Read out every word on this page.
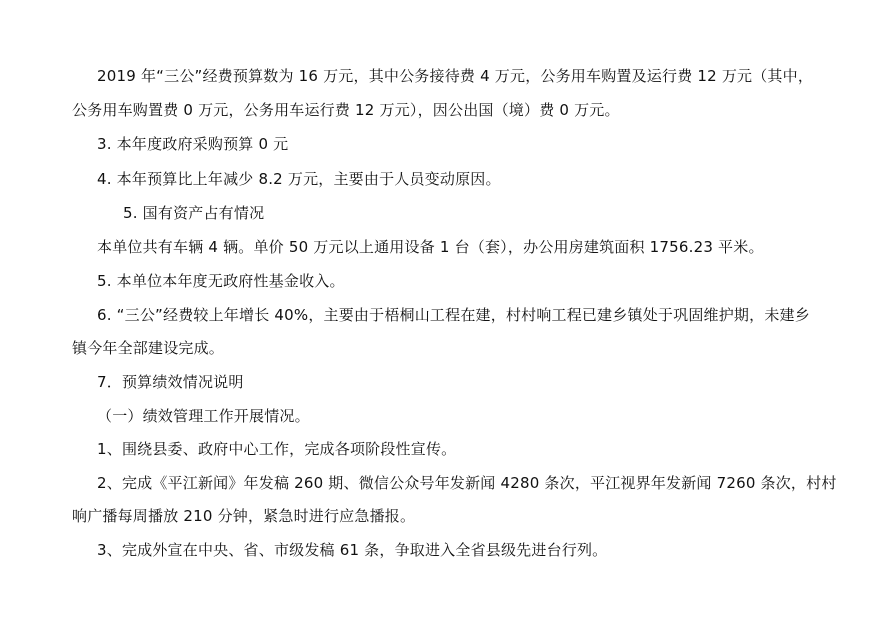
2019 年“三公”经费预算数为 16 万元，其中公务接待费 4 万元，公务用车购置及运行费 12 万元（其中，
公务用车购置费 0 万元，公务用车运行费 12 万元），因公出国（境）费 0 万元。
3. 本年度政府采购预算 0 元
4. 本年预算比上年减少 8.2 万元，主要由于人员变动原因。
5. 国有资产占有情况
本单位共有车辆 4 辆。单价 50 万元以上通用设备 1 台（套），办公用房建筑面积 1756.23 平米。
5. 本单位本年度无政府性基金收入。
6. “三公”经费较上年增长 40%，主要由于梧桐山工程在建，村村响工程已建乡镇处于巩固维护期，未建乡
镇今年全部建设完成。
7．预算绩效情况说明
（一）绩效管理工作开展情况。
1、围绕县委、政府中心工作，完成各项阶段性宣传。
2、完成《平江新闻》年发稿 260 期、微信公众号年发新闻 4280 条次，平江视界年发新闻 7260 条次，村村
响广播每周播放 210 分钟，紧急时进行应急播报。
3、完成外宣在中央、省、市级发稿 61 条，争取进入全省县级先进台行列。
